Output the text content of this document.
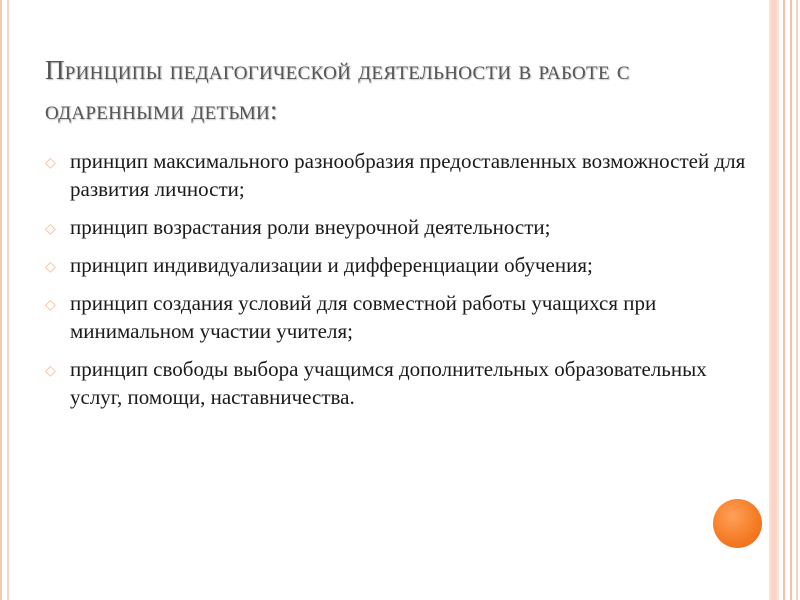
Принципы педагогической деятельности в работе с одаренными детьми:
◇ принцип максимального разнообразия предоставленных возможностей для развития личности;
◇ принцип возрастания роли внеурочной деятельности;
◇ принцип индивидуализации и дифференциации обучения;
◇ принцип создания условий для совместной работы учащихся при минимальном участии учителя;
◇ принцип свободы выбора учащимся дополнительных образовательных услуг, помощи, наставничества.
